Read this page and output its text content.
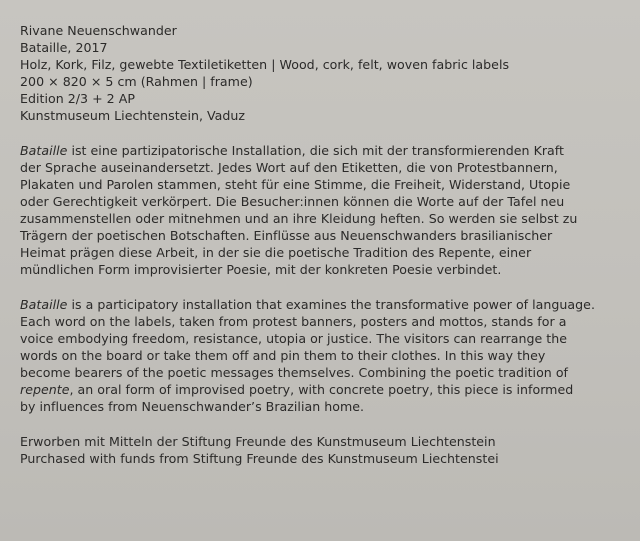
Rivane Neuenschwander
Bataille, 2017
Holz, Kork, Filz, gewebte Textiletiketten | Wood, cork, felt, woven fabric labels
200 × 820 × 5 cm (Rahmen | frame)
Edition 2/3 + 2 AP
Kunstmuseum Liechtenstein, Vaduz
Bataille ist eine partizipatorische Installation, die sich mit der transformierenden Kraft
der Sprache auseinandersetzt. Jedes Wort auf den Etiketten, die von Protestbannern,
Plakaten und Parolen stammen, steht für eine Stimme, die Freiheit, Widerstand, Utopie
oder Gerechtigkeit verkörpert. Die Besucher:innen können die Worte auf der Tafel neu
zusammenstellen oder mitnehmen und an ihre Kleidung heften. So werden sie selbst zu
Trägern der poetischen Botschaften. Einflüsse aus Neuenschwanders brasilianischer
Heimat prägen diese Arbeit, in der sie die poetische Tradition des Repente, einer
mündlichen Form improvisierter Poesie, mit der konkreten Poesie verbindet.
Bataille is a participatory installation that examines the transformative power of language.
Each word on the labels, taken from protest banners, posters and mottos, stands for a
voice embodying freedom, resistance, utopia or justice. The visitors can rearrange the
words on the board or take them off and pin them to their clothes. In this way they
become bearers of the poetic messages themselves. Combining the poetic tradition of
repente, an oral form of improvised poetry, with concrete poetry, this piece is informed
by influences from Neuenschwander’s Brazilian home.
Erworben mit Mitteln der Stiftung Freunde des Kunstmuseum Liechtenstein
Purchased with funds from Stiftung Freunde des Kunstmuseum Liechtenstei
